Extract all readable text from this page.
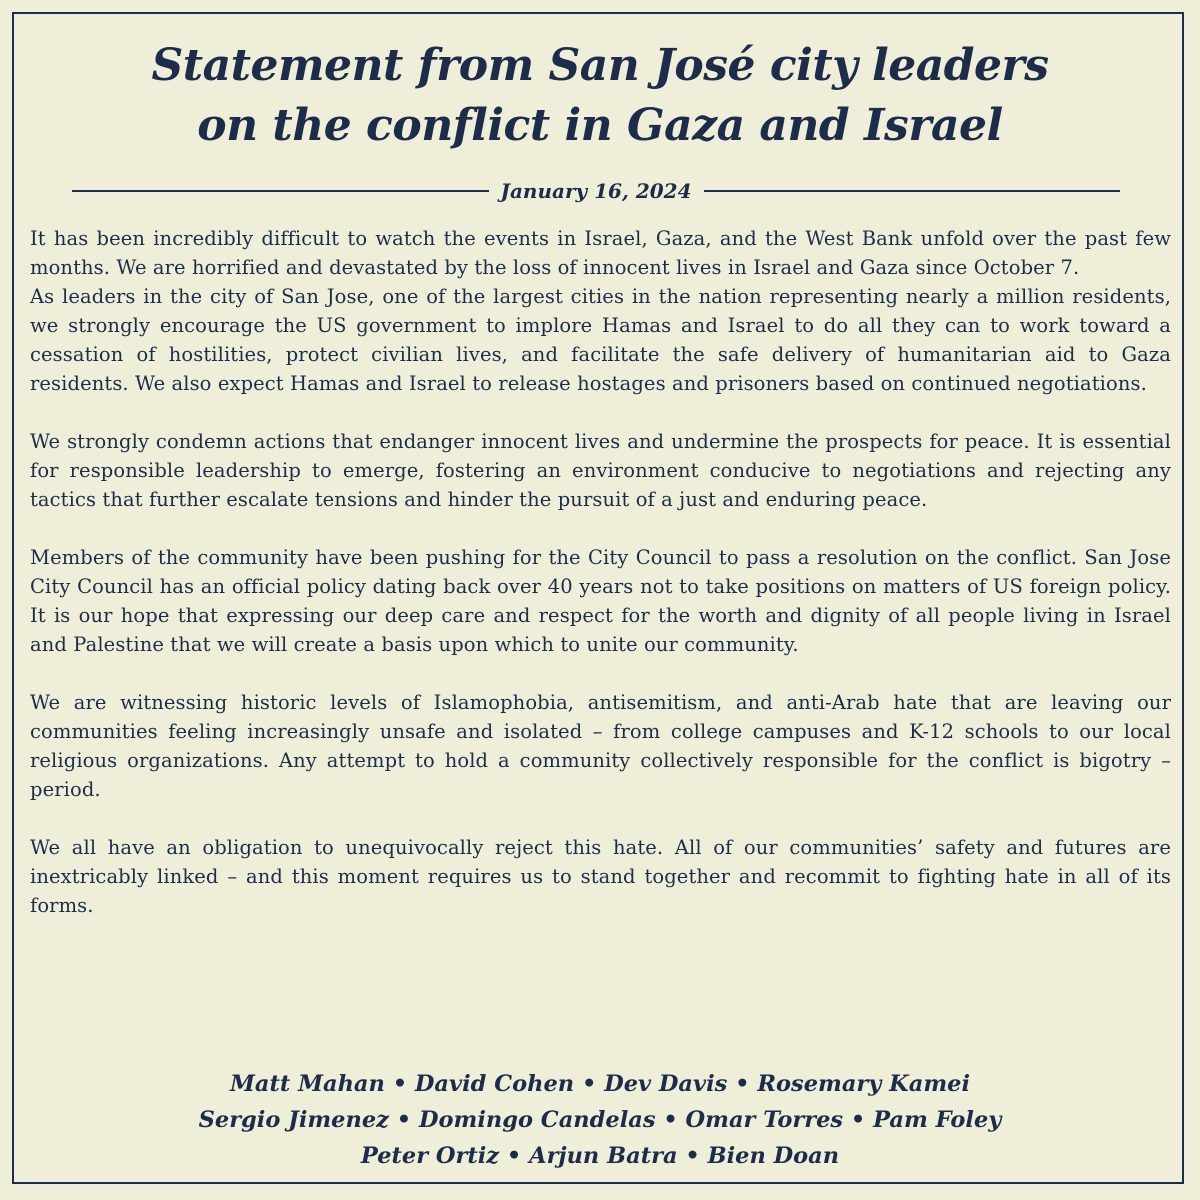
Statement from San José city leaders
on the conflict in Gaza and Israel
January 16, 2024

It has been incredibly difficult to watch the events in Israel, Gaza, and the West Bank unfold over the past few months. We are horrified and devastated by the loss of innocent lives in Israel and Gaza since October 7.

As leaders in the city of San Jose, one of the largest cities in the nation representing nearly a million residents, we strongly encourage the US government to implore Hamas and Israel to do all they can to work toward a cessation of hostilities, protect civilian lives, and facilitate the safe delivery of humanitarian aid to Gaza residents. We also expect Hamas and Israel to release hostages and prisoners based on continued negotiations.

We strongly condemn actions that endanger innocent lives and undermine the prospects for peace. It is essential for responsible leadership to emerge, fostering an environment conducive to negotiations and rejecting any tactics that further escalate tensions and hinder the pursuit of a just and enduring peace.

Members of the community have been pushing for the City Council to pass a resolution on the conflict. San Jose City Council has an official policy dating back over 40 years not to take positions on matters of US foreign policy. It is our hope that expressing our deep care and respect for the worth and dignity of all people living in Israel and Palestine that we will create a basis upon which to unite our community.

We are witnessing historic levels of Islamophobia, antisemitism, and anti-Arab hate that are leaving our communities feeling increasingly unsafe and isolated – from college campuses and K-12 schools to our local religious organizations. Any attempt to hold a community collectively responsible for the conflict is bigotry – period.

We all have an obligation to unequivocally reject this hate. All of our communities’ safety and futures are inextricably linked – and this moment requires us to stand together and recommit to fighting hate in all of its forms.

Matt Mahan • David Cohen • Dev Davis • Rosemary Kamei
Sergio Jimenez • Domingo Candelas • Omar Torres • Pam Foley
Peter Ortiz • Arjun Batra • Bien Doan
